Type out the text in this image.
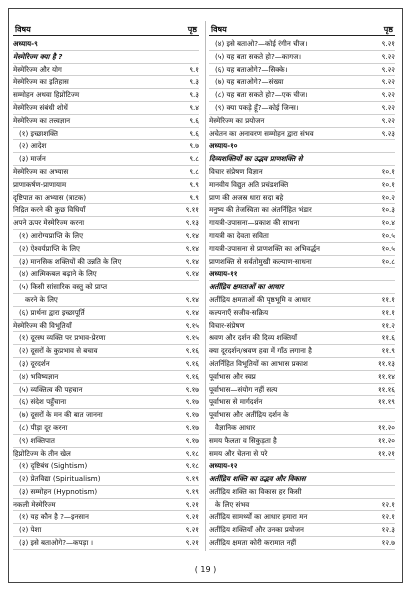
विषय	पृष्ठ
अध्याय-९
मेस्मेरिज्म क्या है ?
मेस्मेरिज्म और योग	९.१
मेस्मेरिज्म का इतिहास	९.३
सम्मोहन अथवा हिप्नोटिज्म	९.३
मेस्मेरिज्म संबंधी शोधें	९.४
मेस्मेरिज्म का तत्त्वज्ञान	९.६
(१) इच्छाशक्ति	९.६
(२) आदेश	९.७
(३) मार्जन	९.८
मेस्मेरिज्म का अभ्यास	९.८
प्राणाकर्षण-प्राणायाम	९.९
दृष्टिपात का अभ्यास (त्राटक)	९.९
निद्रित करने की कुछ विधियाँ	९.११
अपने ऊपर मेस्मेरिज्म करना	९.१३
(१) आरोग्यप्राप्ति के लिए	९.१४
(२) ऐश्वर्यप्राप्ति के लिए	९.१४
(३) मानसिक शक्तियों की उन्नति के लिए	९.१४
(४) आत्मिकबल बढ़ाने के लिए	९.१४
(५) किसी सांसारिक वस्तु को प्राप्त
करने के लिए	९.१४
(६) प्रार्थना द्वारा इच्छापूर्ति	९.१४
मेस्मेरिज्म की विभूतियाँ	९.१५
(१) दूरस्थ व्यक्ति पर प्रभाव-प्रेरणा	९.१५
(२) दूसरों के कुप्रभाव से बचाव	९.१६
(३) दूरदर्शन	९.१६
(४) भविष्यज्ञान	९.१६
(५) व्यक्तित्व की पहचान	९.१७
(६) संदेश पहुँचाना	९.१७
(७) दूसरों के मन की बात जानना	९.१७
(८) पीड़ा दूर करना	९.१७
(९) शक्तिपात	९.१७
हिप्नोटिज्म के तीन खेल	९.१८
(१) दृष्टिबंध (Sightism)	९.१८
(२) प्रेतविद्या (Spiritualism)	९.१९
(३) सम्मोहन (Hypnotism)	९.१९
नकली मेस्मेरिज्म	९.२१
(१) यह कौन है ?—इनसान	९.२१
(२) पेशा	९.२१
(३) इसे बताओगे?—कपड़ा ।	९.२१
विषय	पृष्ठ
(४) इसे बताओ?—कोई रंगीन चीज।	९.२१
(५) यह बता सकते हो?—कागज।	९.२२
(६) यह बताओगे?—सिक्के।	९.२२
(७) यह बताओगे?—संख्या	९.२२
(८) यह बता सकते हो?—एक चीज।	९.२२
(९) क्या पकड़े हूँ?—कोई जिन्स।	९.२२
मेस्मेरिज्म का प्रयोजन	९.२२
अचेतन का अनावरण सम्मोहन द्वारा संभव	९.२३
अध्याय-१०
दिव्यशक्तियों का उद्भव प्राणशक्ति से
विचार संप्रेषण विज्ञान	१०.१
मानवीय विद्युत अति प्रचंडशक्ति	१०.१
प्राण की अजस्र धारा सदा बहे	१०.२
मनुष्य की तेजस्विता का अंतर्निहित भंडार	१०.३
गायत्री-उपासना—प्रकाश की साधना	१०.४
गायत्री का देवता सविता	१०.५
गायत्री-उपासना से प्राणशक्ति का अभिवर्द्धन	१०.५
प्राणशक्ति से सर्वतोमुखी कल्याण-साधना	१०.८
अध्याय-११
अतींद्रिय क्षमताओं का आधार
अतींद्रिय क्षमताओं की पृष्ठभूमि व आधार	११.१
कल्पनाएँ सजीव-सक्रिय	११.१
विचार-संप्रेषण	११.२
श्रवण और दर्शन की दिव्य शक्तियाँ	११.६
क्या दूरदर्शन/श्रवण हवा में गाँठ लगाना है	११.९
अंतर्निहित विभूतियों का आभास प्रकाश	११.१३
पूर्वाभास और स्वप्न	११.१४
पूर्वाभास—संयोग नहीं सत्य	११.१६
पूर्वाभास से मार्गदर्शन	११.१९
पूर्वाभास और अतींद्रिय दर्शन के
वैज्ञानिक आधार	११.२०
समय फैलता व सिकुड़ता है	११.२०
समय और चेतना से परे	११.२१
अध्याय-१२
अतींद्रिय शक्ति का उद्भव और विकास
अतींद्रिय शक्ति का विकास हर किसी
के लिए संभव	१२.१
अतींद्रिय सामर्थ्यों का आधार हमारा मन	१२.१
अतींद्रिय शक्तियाँ और उनका प्रयोजन	१२.३
अतींद्रिय क्षमता कोरी करामात नहीं	१२.७
( 19 )
